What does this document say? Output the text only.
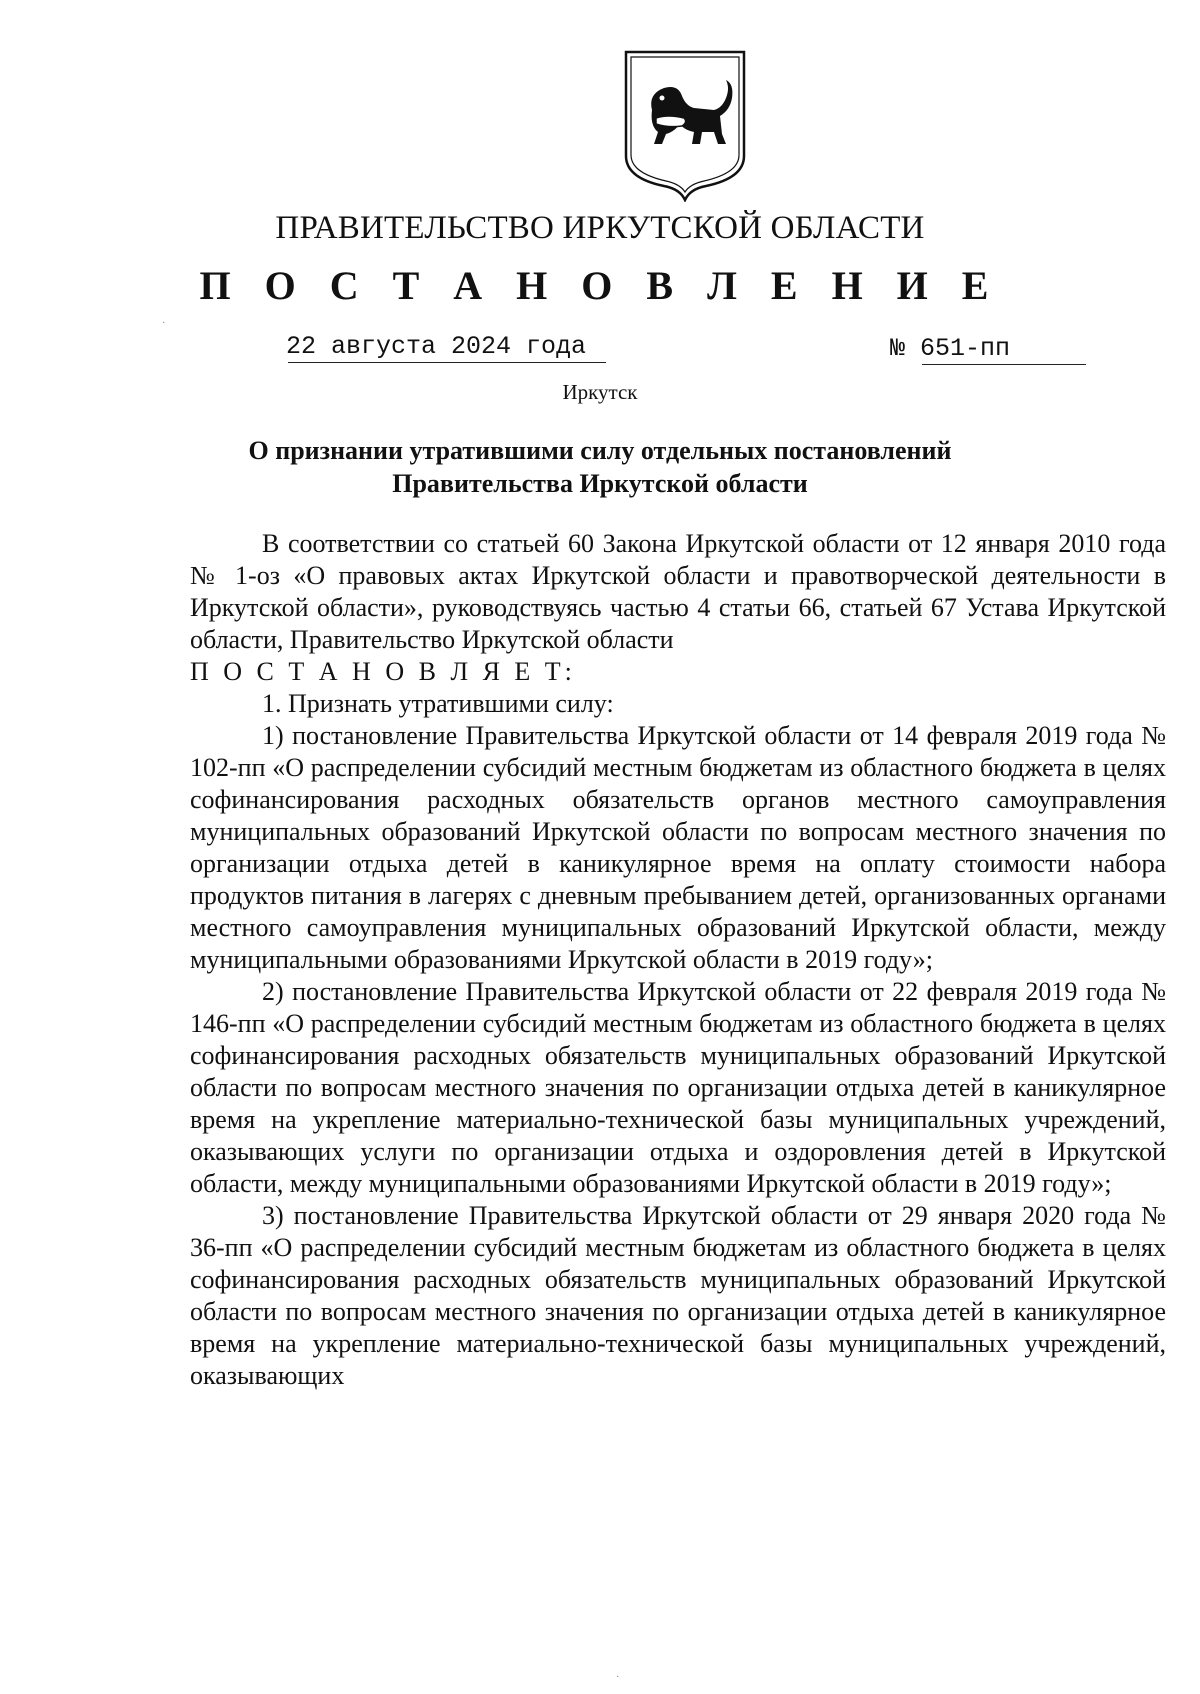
ПРАВИТЕЛЬСТВО ИРКУТСКОЙ ОБЛАСТИ
П О С Т А Н О В Л Е Н И Е
22 августа 2024 года	№ 651-пп
Иркутск
О признании утратившими силу отдельных постановлений
Правительства Иркутской области

В соответствии со статьей 60 Закона Иркутской области от 12 января 2010 года № 1-оз «О правовых актах Иркутской области и правотворческой деятельности в Иркутской области», руководствуясь частью 4 статьи 66, статьей 67 Устава Иркутской области, Правительство Иркутской области

П О С Т А Н О В Л Я Е Т:

1. Признать утратившими силу:

1) постановление Правительства Иркутской области от 14 февраля 2019 года № 102-пп «О распределении субсидий местным бюджетам из областного бюджета в целях софинансирования расходных обязательств органов местного самоуправления муниципальных образований Иркутской области по вопросам местного значения по организации отдыха детей в каникулярное время на оплату стоимости набора продуктов питания в лагерях с дневным пребыванием детей, организованных органами местного самоуправления муниципальных образований Иркутской области, между муниципальными образованиями Иркутской области в 2019 году»;

2) постановление Правительства Иркутской области от 22 февраля 2019 года № 146-пп «О распределении субсидий местным бюджетам из областного бюджета в целях софинансирования расходных обязательств муниципальных образований Иркутской области по вопросам местного значения по организации отдыха детей в каникулярное время на укрепление материально-технической базы муниципальных учреждений, оказывающих услуги по организации отдыха и оздоровления детей в Иркутской области, между муниципальными образованиями Иркутской области в 2019 году»;

3) постановление Правительства Иркутской области от 29 января 2020 года № 36-пп «О распределении субсидий местным бюджетам из областного бюджета в целях софинансирования расходных обязательств муниципальных образований Иркутской области по вопросам местного значения по организации отдыха детей в каникулярное время на укрепление материально-технической базы муниципальных учреждений, оказывающих

·
·
